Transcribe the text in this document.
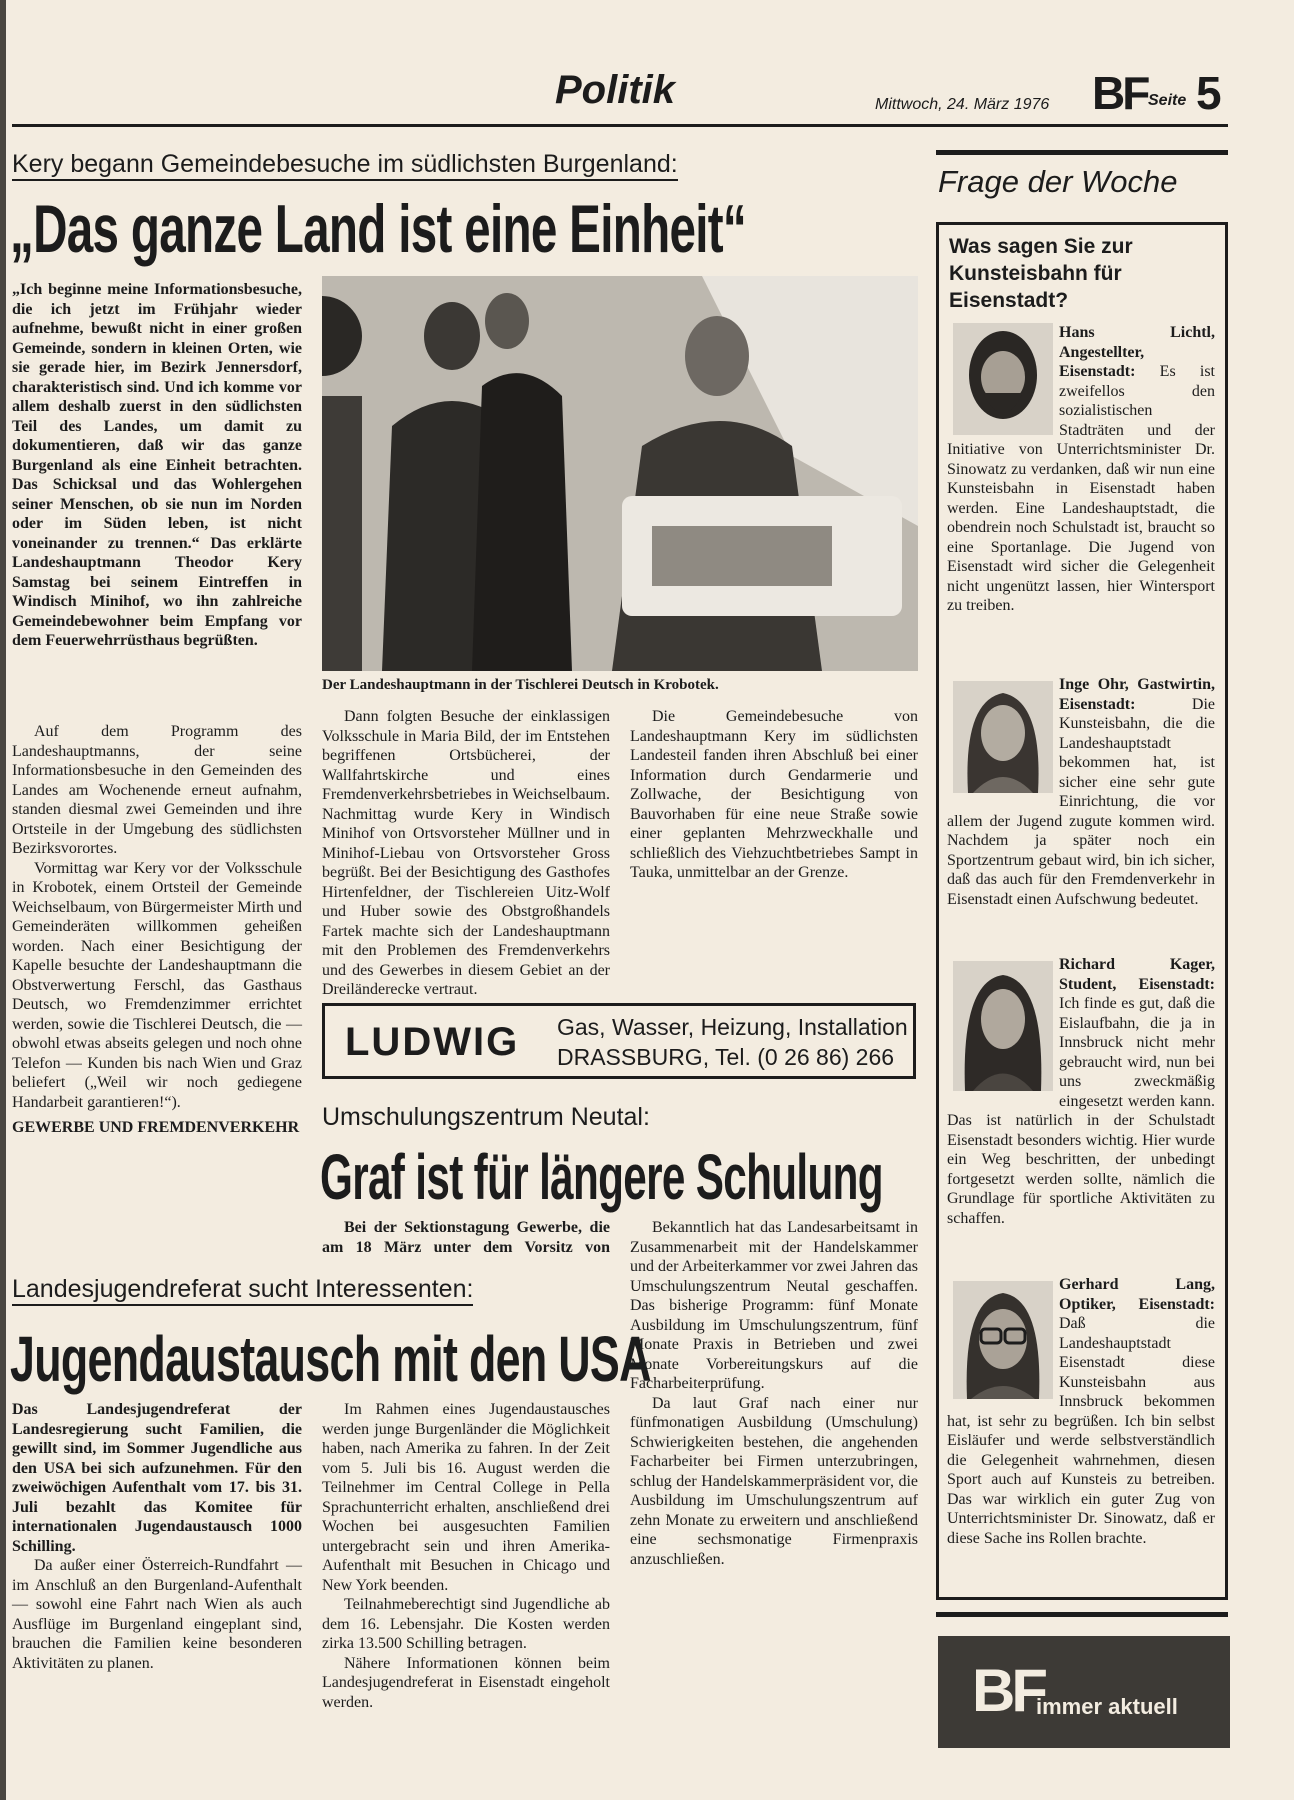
Politik	Mittwoch, 24. März 1976 BF Seite 5
Kery begann Gemeindebesuche im südlichsten Burgenland:
„Das ganze Land ist eine Einheit“

„Ich beginne meine Informationsbesuche, die ich jetzt im Frühjahr wieder aufnehme, bewußt nicht in einer großen Gemeinde, sondern in kleinen Orten, wie sie gerade hier, im Bezirk Jennersdorf, charakteristisch sind. Und ich komme vor allem deshalb zuerst in den südlichsten Teil des Landes, um damit zu dokumentieren, daß wir das ganze Burgenland als eine Einheit betrachten. Das Schicksal und das Wohlergehen seiner Menschen, ob sie nun im Norden oder im Süden leben, ist nicht voneinander zu trennen.“ Das erklärte Landeshauptmann Theodor Kery Samstag bei seinem Eintreffen in Windisch Minihof, wo ihn zahlreiche Gemeindebewohner beim Empfang vor dem Feuerwehrrüsthaus begrüßten.

Der Landeshauptmann in der Tischlerei Deutsch in Krobotek.

Auf dem Programm des Landeshauptmanns, der seine Informationsbesuche in den Gemeinden des Landes am Wochenende erneut aufnahm, standen diesmal zwei Gemeinden und ihre Ortsteile in der Umgebung des südlichsten Bezirksvorortes.

Vormittag war Kery vor der Volksschule in Krobotek, einem Ortsteil der Gemeinde Weichselbaum, von Bürgermeister Mirth und Gemeinderäten willkommen geheißen worden. Nach einer Besichtigung der Kapelle besuchte der Landeshauptmann die Obstverwertung Ferschl, das Gasthaus Deutsch, wo Fremdenzimmer errichtet werden, sowie die Tischlerei Deutsch, die — obwohl etwas abseits gelegen und noch ohne Telefon — Kunden bis nach Wien und Graz beliefert („Weil wir noch gediegene Handarbeit garantieren!“).

GEWERBE UND FREMDENVERKEHR

Dann folgten Besuche der einklassigen Volksschule in Maria Bild, der im Entstehen begriffenen Ortsbücherei, der Wallfahrtskirche und eines Fremdenverkehrsbetriebes in Weichselbaum. Nachmittag wurde Kery in Windisch Minihof von Ortsvorsteher Müllner und in Minihof-Liebau von Ortsvorsteher Gross begrüßt. Bei der Besichtigung des Gasthofes Hirtenfeldner, der Tischlereien Uitz-Wolf und Huber sowie des Obstgroßhandels Fartek machte sich der Landeshauptmann mit den Problemen des Fremdenverkehrs und des Gewerbes in diesem Gebiet an der Dreiländerecke vertraut.

Die Gemeindebesuche von Landeshauptmann Kery im südlichsten Landesteil fanden ihren Abschluß bei einer Information durch Gendarmerie und Zollwache, der Besichtigung von Bauvorhaben für eine neue Straße sowie einer geplanten Mehrzweckhalle und schließlich des Viehzuchtbetriebes Sampt in Tauka, unmittelbar an der Grenze.

LUDWIG Gas, Wasser, Heizung, Installation
DRASSBURG, Tel. (0 26 86) 266
Umschulungszentrum Neutal:
Graf ist für längere Schulung

Bei der Sektionstagung Gewerbe, die am 18 März unter dem Vorsitz von

Bekanntlich hat das Landesarbeitsamt in Zusammenarbeit mit der Handelskammer und der Arbeiterkammer vor zwei Jahren das Umschulungszentrum Neutal geschaffen. Das bisherige Programm: fünf Monate Ausbildung im Umschulungszentrum, fünf Monate Praxis in Betrieben und zwei Monate Vorbereitungskurs auf die Facharbeiterprüfung.

Da laut Graf nach einer nur fünfmonatigen Ausbildung (Umschulung) Schwierigkeiten bestehen, die angehenden Facharbeiter bei Firmen unterzubringen, schlug der Handelskammerpräsident vor, die Ausbildung im Umschulungszentrum auf zehn Monate zu erweitern und anschließend eine sechsmonatige Firmenpraxis anzuschließen.

Landesjugendreferat sucht Interessenten:
Jugendaustausch mit den USA

Das Landesjugendreferat der Landesregierung sucht Familien, die gewillt sind, im Sommer Jugendliche aus den USA bei sich aufzunehmen. Für den zweiwöchigen Aufenthalt vom 17. bis 31. Juli bezahlt das Komitee für internationalen Jugendaustausch 1000 Schilling.

Da außer einer Österreich-Rundfahrt — im Anschluß an den Burgenland-Aufenthalt — sowohl eine Fahrt nach Wien als auch Ausflüge im Burgenland eingeplant sind, brauchen die Familien keine besonderen Aktivitäten zu planen.

Im Rahmen eines Jugendaustausches werden junge Burgenländer die Möglichkeit haben, nach Amerika zu fahren. In der Zeit vom 5. Juli bis 16. August werden die Teilnehmer im Central College in Pella Sprachunterricht erhalten, anschließend drei Wochen bei ausgesuchten Familien untergebracht sein und ihren Amerika-Aufenthalt mit Besuchen in Chicago und New York beenden.

Teilnahmeberechtigt sind Jugendliche ab dem 16. Lebensjahr. Die Kosten werden zirka 13.500 Schilling betragen.

Nähere Informationen können beim Landesjugendreferat in Eisenstadt eingeholt werden.

Frage der Woche
Was sagen Sie zur Kunsteisbahn für Eisenstadt?

Hans Lichtl, Angestellter, Eisenstadt: Es ist zweifellos den sozialistischen Stadträten und der Initiative von Unterrichtsminister Dr. Sinowatz zu verdanken, daß wir nun eine Kunsteisbahn in Eisenstadt haben werden. Eine Landeshauptstadt, die obendrein noch Schulstadt ist, braucht so eine Sportanlage. Die Jugend von Eisenstadt wird sicher die Gelegenheit nicht ungenützt lassen, hier Wintersport zu treiben.

Inge Ohr, Gastwirtin, Eisenstadt:	Die Kunsteisbahn, die die Landeshauptstadt bekommen hat, ist sicher eine sehr gute Einrichtung, die vor allem der Jugend zugute kommen wird. Nachdem ja später noch ein Sportzentrum gebaut wird, bin ich sicher, daß das auch für den Fremdenverkehr in Eisenstadt einen Aufschwung bedeutet.

Richard Kager, Student, Eisenstadt: Ich finde es gut, daß die Eislaufbahn, die ja in Innsbruck nicht mehr gebraucht wird, nun bei uns zweckmäßig eingesetzt werden kann. Das ist natürlich in der Schulstadt Eisenstadt besonders wichtig. Hier wurde ein Weg beschritten, der unbedingt fortgesetzt werden sollte, nämlich die Grundlage für sportliche Aktivitäten zu schaffen.

Gerhard Lang, Optiker, Eisenstadt: Daß die Landeshauptstadt Eisenstadt diese Kunsteisbahn aus Innsbruck bekommen hat, ist sehr zu begrüßen. Ich bin selbst Eisläufer und werde selbstverständlich die Gelegenheit wahrnehmen, diesen Sport auch auf Kunsteis zu betreiben. Das war wirklich ein guter Zug von Unterrichtsminister Dr. Sinowatz, daß er diese Sache ins Rollen brachte.

BF
immer aktuell
